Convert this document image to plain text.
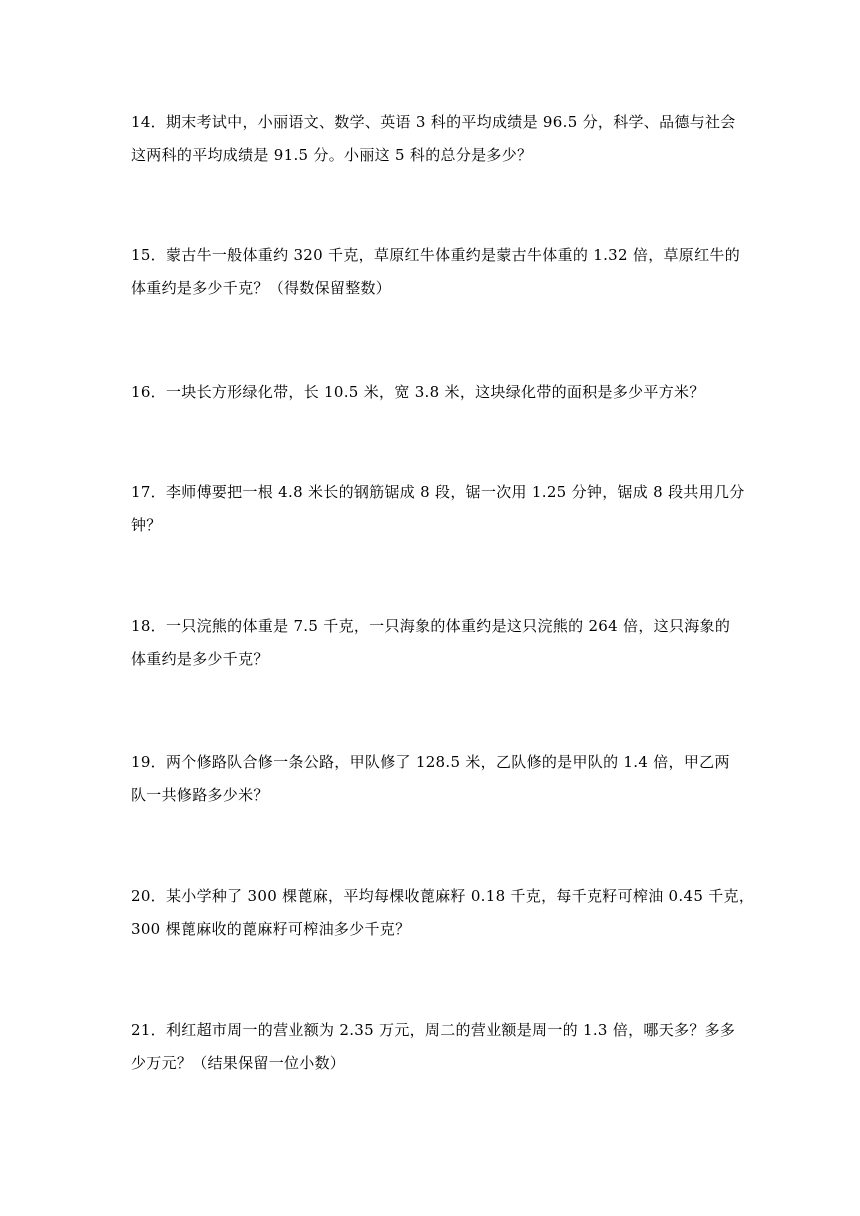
14．期末考试中，小丽语文、数学、英语 3 科的平均成绩是 96.5 分，科学、品德与社会
这两科的平均成绩是 91.5 分。小丽这 5 科的总分是多少？
15．蒙古牛一般体重约 320 千克，草原红牛体重约是蒙古牛体重的 1.32 倍，草原红牛的
体重约是多少千克？（得数保留整数）
16．一块长方形绿化带，长 10.5 米，宽 3.8 米，这块绿化带的面积是多少平方米？
17．李师傅要把一根 4.8 米长的钢筋锯成 8 段，锯一次用 1.25 分钟，锯成 8 段共用几分
钟？
18．一只浣熊的体重是 7.5 千克，一只海象的体重约是这只浣熊的 264 倍，这只海象的
体重约是多少千克？
19．两个修路队合修一条公路，甲队修了 128.5 米，乙队修的是甲队的 1.4 倍，甲乙两
队一共修路多少米？
20．某小学种了 300 棵蓖麻，平均每棵收蓖麻籽 0.18 千克，每千克籽可榨油 0.45 千克，
300 棵蓖麻收的蓖麻籽可榨油多少千克？
21．利红超市周一的营业额为 2.35 万元，周二的营业额是周一的 1.3 倍，哪天多？多多
少万元？（结果保留一位小数）
